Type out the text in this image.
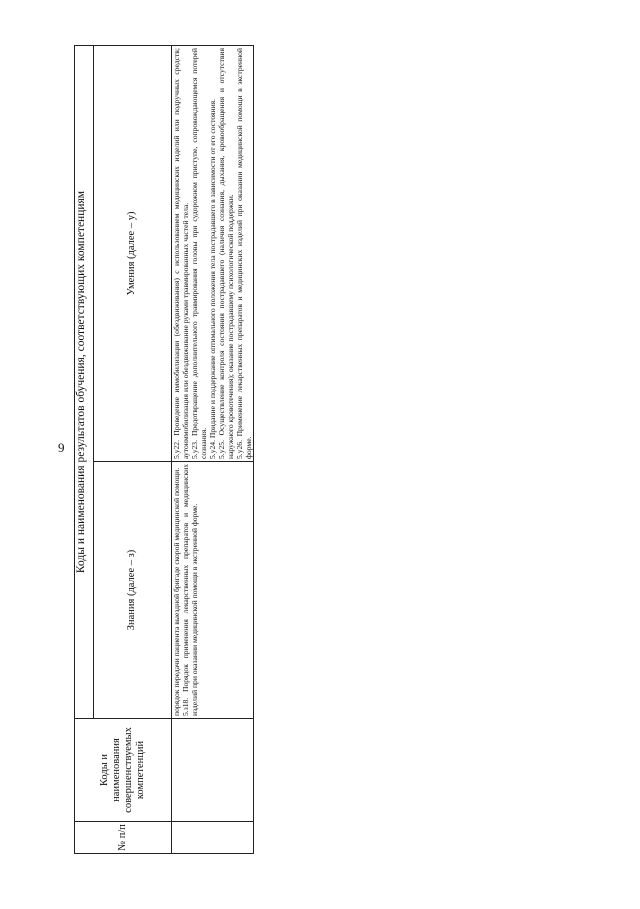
9
№ п/п	Коды и наименования совершенствуемых компетенций	Коды и наименования результатов обучения, соответствующих компетенциям	
		Знания (далее – з)	Умения (далее – у)

		порядок передачи пациента выездной бригаде скорой медицинской помощи. 5.з18. Порядок применения лекарственных препаратов и медицинских изделий при оказании медицинской помощи в экстренной форме.	5.у22. Проведение иммобилизации (обездвиживания) с использованием медицинских изделий или подручных средств; аутоиммобилизация или обездвиживание руками травмированных частей тела. 5.у23. Предотвращение дополнительного травмирования головы при судорожном приступе, сопровождающемся потерей сознания. 5.у24. Придание и поддержание оптимального положения тела пострадавшего в зависимости от его состояния. 5.у25. Осуществление контроля состояния пострадавшего (наличия сознания, дыхания, кровообращения и отсутствия наружного кровотечения); оказание пострадавшему психологической поддержки. 5.у26. Применение лекарственных препаратов и медицинских изделий при оказании медицинской помощи в экстренной форме.
